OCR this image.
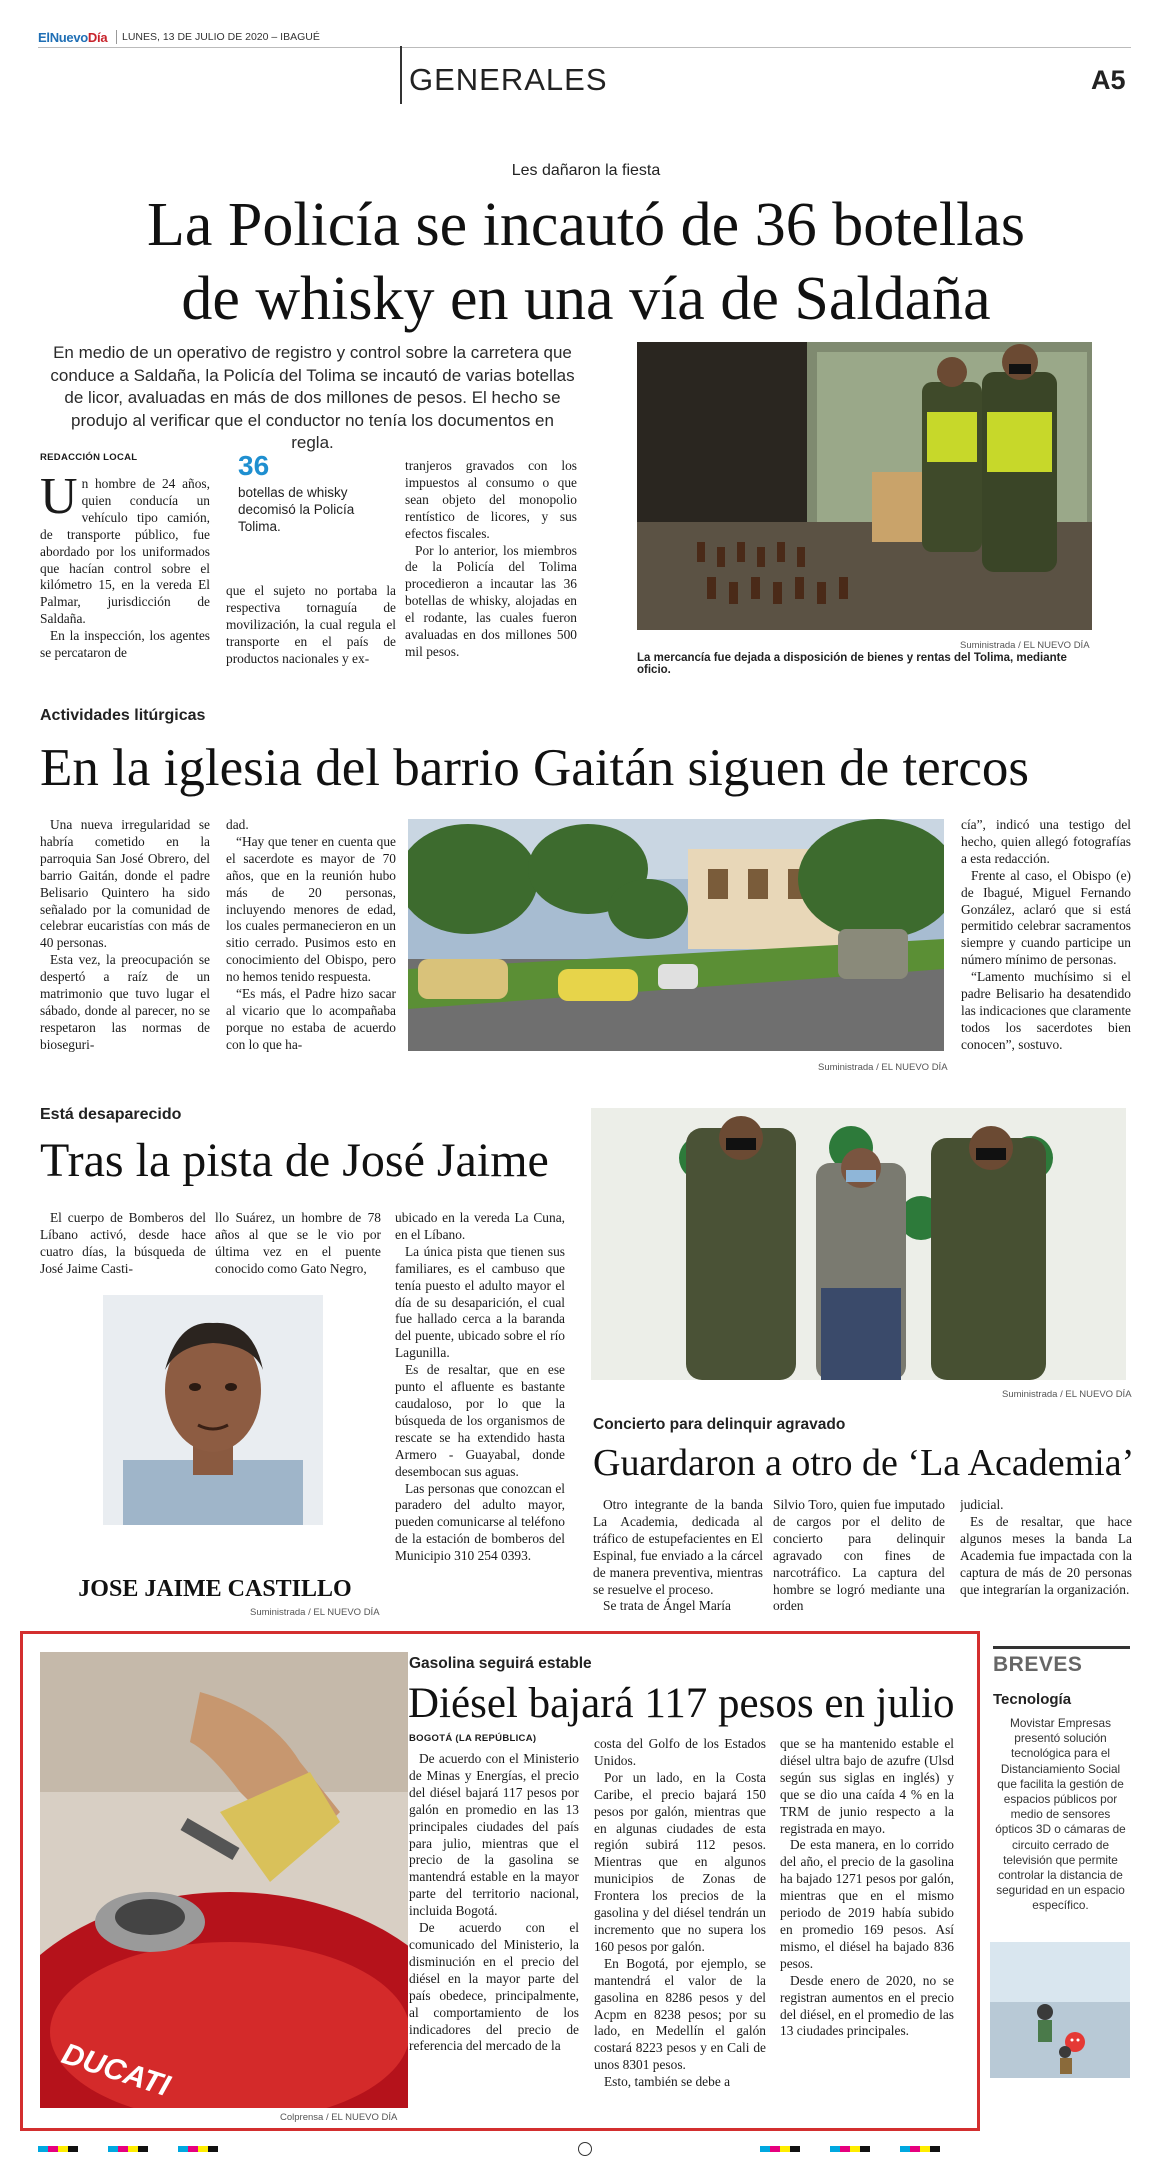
ElNuevoDía LUNES, 13 DE JULIO DE 2020 – IBAGUÉ
GENERALES	A5
Les dañaron la fiesta
La Policía se incautó de 36 botellas
de whisky en una vía de Saldaña
En medio de un operativo de registro y control sobre la carretera que conduce a Saldaña, la Policía del Tolima se incautó de varias botellas de licor, avaluadas en más de dos millones de pesos. El hecho se produjo al verificar que el conductor no tenía los documentos en regla.
REDACCIÓN LOCAL
U n hombre de 24 años, quien conducía un vehículo tipo camión, de transporte público, fue abordado por los uniformados que hacían control sobre el kilómetro 15, en la vereda El Palmar, jurisdicción de Saldaña.

En la inspección, los agentes se percataron de

36
botellas de whisky decomisó la Policía Tolima.

que el sujeto no portaba la respectiva tornaguía de movilización, la cual regula el transporte en el país de productos nacionales y ex-

tranjeros gravados con los impuestos al consumo o que sean objeto del monopolio rentístico de licores, y sus efectos fiscales.

Por lo anterior, los miembros de la Policía del Tolima procedieron a incautar las 36 botellas de whisky, alojadas en el rodante, las cuales fueron avaluadas en dos millones 500 mil pesos.	Suministrada / EL NUEVO DÍA
La mercancía fue dejada a disposición de bienes y rentas del Tolima, mediante oficio.
Actividades litúrgicas
En la iglesia del barrio Gaitán siguen de tercos

Una nueva irregularidad se habría cometido en la parroquia San José Obrero, del barrio Gaitán, donde el padre Belisario Quintero ha sido señalado por la comunidad de celebrar eucaristías con más de 40 personas.

Esta vez, la preocupación se despertó a raíz de un matrimonio que tuvo lugar el sábado, donde al parecer, no se respetaron las normas de bioseguri-

dad.

“Hay que tener en cuenta que el sacerdote es mayor de 70 años, que en la reunión hubo más de 20 personas, incluyendo menores de edad, los cuales permanecieron en un sitio cerrado. Pusimos esto en conocimiento del Obispo, pero no hemos tenido respuesta.

“Es más, el Padre hizo sacar al vicario que lo acompañaba porque no estaba de acuerdo con lo que ha-

Suministrada / EL NUEVO DÍA

cía”, indicó una testigo del hecho, quien allegó fotografías a esta redacción.

Frente al caso, el Obispo (e) de Ibagué, Miguel Fernando González, aclaró que si está permitido celebrar sacramentos siempre y cuando participe un número mínimo de personas.

“Lamento muchísimo si el padre Belisario ha desatendido las indicaciones que claramente todos los sacerdotes bien conocen”, sostuvo.

Está desaparecido
Tras la pista de José Jaime

El cuerpo de Bomberos del Líbano activó, desde hace cuatro días, la búsqueda de José Jaime Casti-

llo Suárez, un hombre de 78 años al que se le vio por última vez en el puente conocido como Gato Negro,

ubicado en la vereda La Cuna, en el Líbano.

La única pista que tienen sus familiares, es el cambuso que tenía puesto el adulto mayor el día de su desaparición, el cual fue hallado cerca a la baranda del puente, ubicado sobre el río Lagunilla.

Es de resaltar, que en ese punto el afluente es bastante caudaloso, por lo que la búsqueda de los organismos de rescate se ha extendido hasta Armero - Guayabal, donde desembocan sus aguas.

Las personas que conozcan el paradero del adulto mayor, pueden comunicarse al teléfono de la estación de bomberos del Municipio 310 254 0393.

JOSE JAIME CASTILLO
Suministrada / EL NUEVO DÍA
Suministrada / EL NUEVO DÍA
Concierto para delinquir agravado
Guardaron a otro de ‘La Academia’

Otro integrante de la banda La Academia, dedicada al tráfico de estupefacientes en El Espinal, fue enviado a la cárcel de manera preventiva, mientras se resuelve el proceso.

Se trata de Ángel María

Silvio Toro, quien fue imputado de cargos por el delito de concierto para delinquir agravado con fines de narcotráfico. La captura del hombre se logró mediante una orden

judicial.

Es de resaltar, que hace algunos meses la banda La Academia fue impactada con la captura de más de 20 personas que integrarían la organización.

DUCATI
Colprensa / EL NUEVO DÍA
Gasolina seguirá estable
Diésel bajará 117 pesos en julio
BOGOTÁ (LA REPÚBLICA)

De acuerdo con el Ministerio de Minas y Energías, el precio del diésel bajará 117 pesos por galón en promedio en las 13 principales ciudades del país para julio, mientras que el precio de la gasolina se mantendrá estable en la mayor parte del territorio nacional, incluida Bogotá.

De acuerdo con el comunicado del Ministerio, la disminución en el precio del diésel en la mayor parte del país obedece, principalmente, al comportamiento de los indicadores del precio de referencia del mercado de la

costa del Golfo de los Estados Unidos.

Por un lado, en la Costa Caribe, el precio bajará 150 pesos por galón, mientras que en algunas ciudades de esta región subirá 112 pesos. Mientras que en algunos municipios de Zonas de Frontera los precios de la gasolina y del diésel tendrán un incremento que no supera los 160 pesos por galón.

En Bogotá, por ejemplo, se mantendrá el valor de la gasolina en 8286 pesos y del Acpm en 8238 pesos; por su lado, en Medellín el galón costará 8223 pesos y en Cali de unos 8301 pesos.

Esto, también se debe a

que se ha mantenido estable el diésel ultra bajo de azufre (Ulsd según sus siglas en inglés) y que se dio una caída 4 % en la TRM de junio respecto a la registrada en mayo.

De esta manera, en lo corrido del año, el precio de la gasolina ha bajado 1271 pesos por galón, mientras que en el mismo periodo de 2019 había subido en promedio 169 pesos. Así mismo, el diésel ha bajado 836 pesos.

Desde enero de 2020, no se registran aumentos en el precio del diésel, en el promedio de las 13 ciudades principales.

BREVES
Tecnología
Movistar Empresas presentó solución tecnológica para el Distanciamiento Social que facilita la gestión de espacios públicos por medio de sensores ópticos 3D o cámaras de circuito cerrado de televisión que permite controlar la distancia de seguridad en un espacio específico.
